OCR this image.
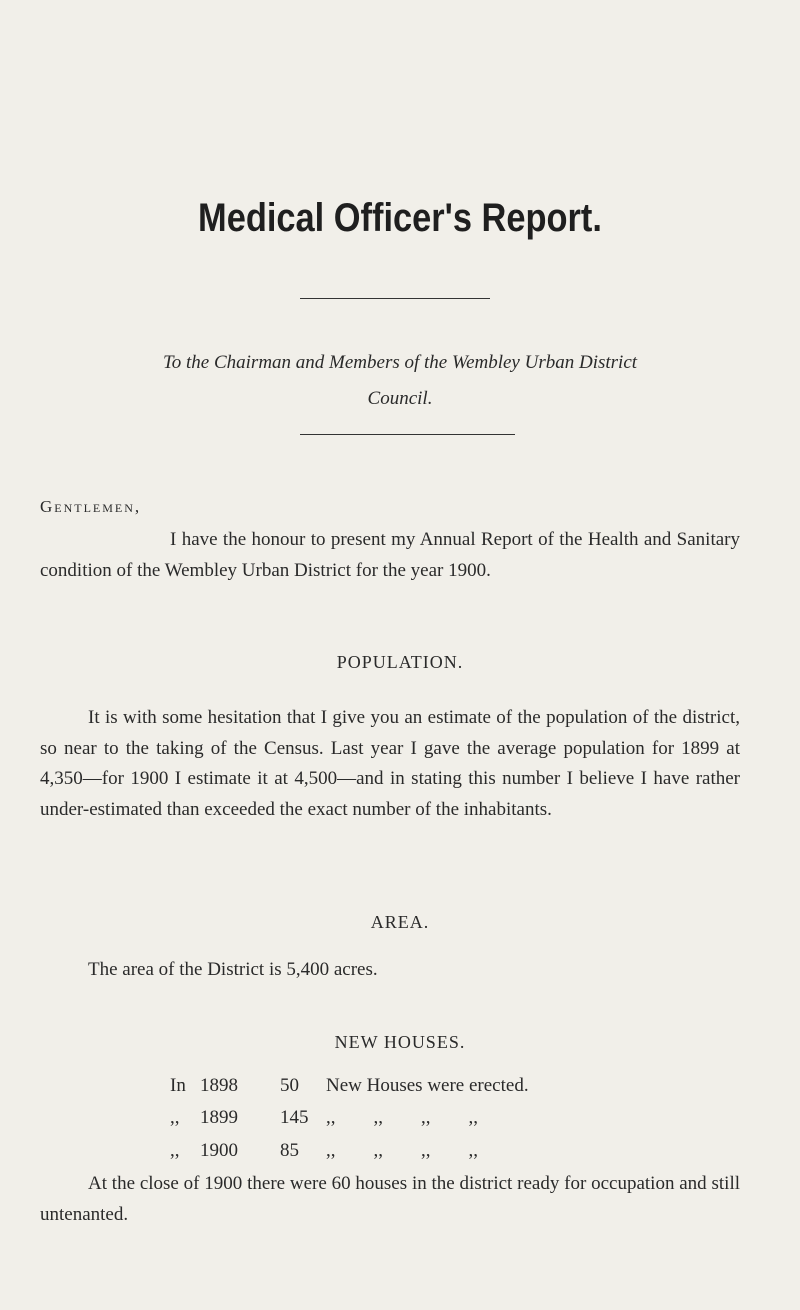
Medical Officer's Report.
To the Chairman and Members of the Wembley Urban District
Council.
Gentlemen,
I have the honour to present my Annual Report of the Health and Sanitary condition of the Wembley Urban District for the year 1900.
POPULATION.
It is with some hesitation that I give you an estimate of the population of the district, so near to the taking of the Census. Last year I gave the average population for 1899 at 4,350—for 1900 I estimate it at 4,500—and in stating this number I believe I have rather under-estimated than exceeded the exact number of the inhabitants.
AREA.
The area of the District is 5,400 acres.
NEW HOUSES.
In 1898 50 New Houses were erected.
,, 1899 145 ,,        ,,        ,,        ,,
,, 1900 85 ,,        ,,        ,,        ,,
At the close of 1900 there were 60 houses in the district ready for occupation and still untenanted.
